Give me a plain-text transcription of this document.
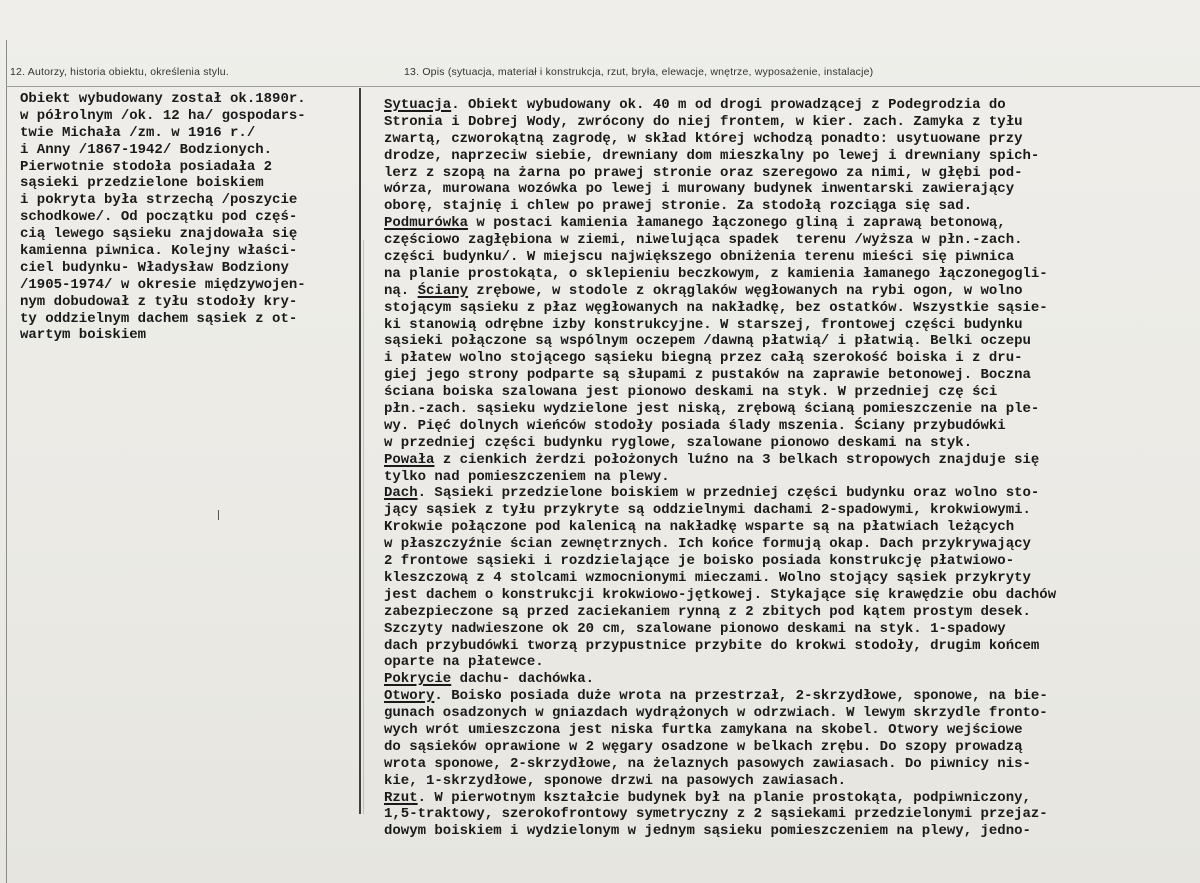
12. Autorzy, historia obiektu, określenia stylu.	13. Opis (sytuacja, materiał i konstrukcja, rzut, bryła, elewacje, wnętrze, wyposażenie, instalacje)
Obiekt wybudowany został ok.1890r.
w półrolnym /ok. 12 ha/ gospodars-
twie Michała /zm. w 1916 r./
i Anny /1867-1942/ Bodzionych.
Pierwotnie stodoła posiadała 2
sąsieki przedzielone boiskiem
i pokryta była strzechą /poszycie
schodkowe/. Od początku pod częś-
cią lewego sąsieku znajdowała się
kamienna piwnica. Kolejny właści-
ciel budynku- Władysław Bodziony
/1905-1974/ w okresie międzywojen-
nym dobudował z tyłu stodoły kry-
ty oddzielnym dachem sąsiek z ot-
wartym boiskiem
Sytuacja. Obiekt wybudowany ok. 40 m od drogi prowadzącej z Podegrodzia do
Stronia i Dobrej Wody, zwrócony do niej frontem, w kier. zach. Zamyka z tyłu
zwartą, czworokątną zagrodę, w skład której wchodzą ponadto: usytuowane przy
drodze, naprzeciw siebie, drewniany dom mieszkalny po lewej i drewniany spich-
lerz z szopą na żarna po prawej stronie oraz szeregowo za nimi, w głębi pod-
wórza, murowana wozówka po lewej i murowany budynek inwentarski zawierający
oborę, stajnię i chlew po prawej stronie. Za stodołą rozciąga się sad.
Podmurówka w postaci kamienia łamanego łączonego gliną i zaprawą betonową,
częściowo zagłębiona w ziemi, niwelująca spadek  terenu /wyższa w płn.-zach.
części budynku/. W miejscu największego obniżenia terenu mieści się piwnica
na planie prostokąta, o sklepieniu beczkowym, z kamienia łamanego łączonegogli-
ną. Ściany zrębowe, w stodole z okrąglaków węgłowanych na rybi ogon, w wolno
stojącym sąsieku z płaz węgłowanych na nakładkę, bez ostatków. Wszystkie sąsie-
ki stanowią odrębne izby konstrukcyjne. W starszej, frontowej części budynku
sąsieki połączone są wspólnym oczepem /dawną płatwią/ i płatwią. Belki oczepu
i płatew wolno stojącego sąsieku biegną przez całą szerokość boiska i z dru-
giej jego strony podparte są słupami z pustaków na zaprawie betonowej. Boczna
ściana boiska szalowana jest pionowo deskami na styk. W przedniej czę ści
płn.-zach. sąsieku wydzielone jest niską, zrębową ścianą pomieszczenie na ple-
wy. Pięć dolnych wieńców stodoły posiada ślady mszenia. Ściany przybudówki
w przedniej części budynku ryglowe, szalowane pionowo deskami na styk.
Powała z cienkich żerdzi położonych luźno na 3 belkach stropowych znajduje się
tylko nad pomieszczeniem na plewy.
Dach. Sąsieki przedzielone boiskiem w przedniej części budynku oraz wolno sto-
jący sąsiek z tyłu przykryte są oddzielnymi dachami 2-spadowymi, krokwiowymi.
Krokwie połączone pod kalenicą na nakładkę wsparte są na płatwiach leżących
w płaszczyźnie ścian zewnętrznych. Ich końce formują okap. Dach przykrywający
2 frontowe sąsieki i rozdzielające je boisko posiada konstrukcję płatwiowo-
kleszczową z 4 stolcami wzmocnionymi mieczami. Wolno stojący sąsiek przykryty
jest dachem o konstrukcji krokwiowo-jętkowej. Stykające się krawędzie obu dachów
zabezpieczone są przed zaciekaniem rynną z 2 zbitych pod kątem prostym desek.
Szczyty nadwieszone ok 20 cm, szalowane pionowo deskami na styk. 1-spadowy
dach przybudówki tworzą przypustnice przybite do krokwi stodoły, drugim końcem
oparte na płatewce.
Pokrycie dachu- dachówka.
Otwory. Boisko posiada duże wrota na przestrzał, 2-skrzydłowe, sponowe, na bie-
gunach osadzonych w gniazdach wydrążonych w odrzwiach. W lewym skrzydle fronto-
wych wrót umieszczona jest niska furtka zamykana na skobel. Otwory wejściowe
do sąsieków oprawione w 2 węgary osadzone w belkach zrębu. Do szopy prowadzą
wrota sponowe, 2-skrzydłowe, na żelaznych pasowych zawiasach. Do piwnicy nis-
kie, 1-skrzydłowe, sponowe drzwi na pasowych zawiasach.
Rzut. W pierwotnym kształcie budynek był na planie prostokąta, podpiwniczony,
1,5-traktowy, szerokofrontowy symetryczny z 2 sąsiekami przedzielonymi przejaz-
dowym boiskiem i wydzielonym w jednym sąsieku pomieszczeniem na plewy, jedno-
